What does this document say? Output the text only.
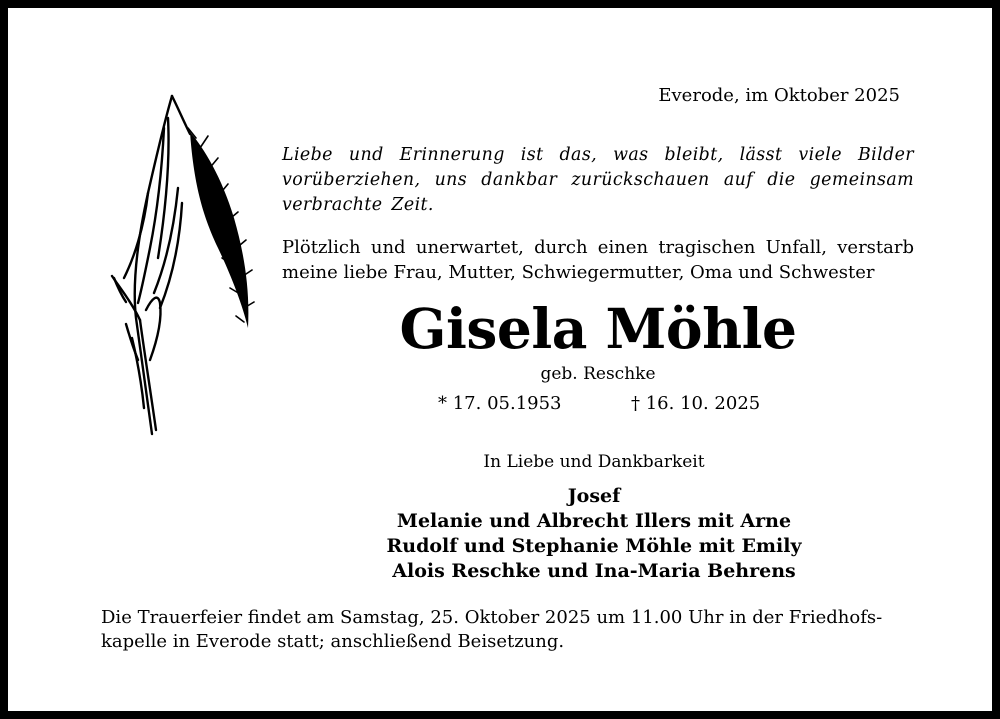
Everode, im Oktober 2025
Liebe und Erinnerung ist das, was bleibt, lässt viele Bilder
vorüberziehen, uns dankbar zurückschauen auf die gemeinsam
verbrachte Zeit.
Plötzlich und unerwartet, durch einen tragischen Unfall, verstarb
meine liebe Frau, Mutter, Schwiegermutter, Oma und Schwester
Gisela Möhle
geb. Reschke
* 17. 05.1953	† 16. 10. 2025
In Liebe und Dankbarkeit
Josef
Melanie und Albrecht Illers mit Arne
Rudolf und Stephanie Möhle mit Emily
Alois Reschke und Ina-Maria Behrens
Die Trauerfeier findet am Samstag, 25. Oktober 2025 um 11.00 Uhr in der Friedhofs-
kapelle in Everode statt; anschließend Beisetzung.
